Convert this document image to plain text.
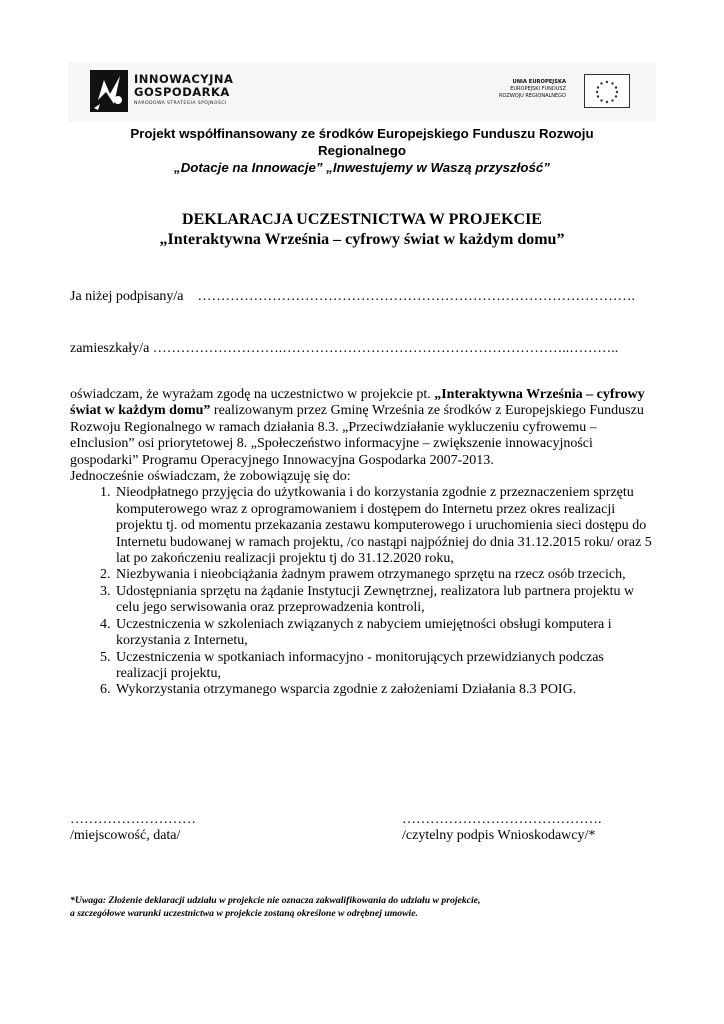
INNOWACYJNA
GOSPODARKA
NARODOWA STRATEGIA SPÓJNOŚCI
UNIA EUROPEJSKA
EUROPEJSKI FUNDUSZ
ROZWOJU REGIONALNEGO
Projekt współfinansowany ze środków Europejskiego Funduszu Rozwoju
Regionalnego
„Dotacje na Innowacje” „Inwestujemy w Waszą przyszłość”
DEKLARACJA UCZESTNICTWA W PROJEKCIE
„Interaktywna Września – cyfrowy świat w każdym domu”
Ja niżej podpisany/a ………………………………………………………………………………….
zamieszkały/a ……………………….……………………………………………………..………..

oświadczam, że wyrażam zgodę na uczestnictwo w projekcie pt. „Interaktywna Września – cyfrowy świat w każdym domu” realizowanym przez Gminę Września ze środków z Europejskiego Funduszu Rozwoju Regionalnego w ramach działania 8.3. „Przeciwdziałanie wykluczeniu cyfrowemu – eInclusion” osi priorytetowej 8. „Społeczeństwo informacyjne – zwiększenie innowacyjności gospodarki” Programu Operacyjnego Innowacyjna Gospodarka 2007-2013.

Jednocześnie oświadczam, że zobowiązuję się do:

1. Nieodpłatnego przyjęcia do użytkowania i do korzystania zgodnie z przeznaczeniem sprzętu komputerowego wraz z oprogramowaniem i dostępem do Internetu przez okres realizacji projektu tj. od momentu przekazania zestawu komputerowego i uruchomienia sieci dostępu do Internetu budowanej w ramach projektu, /co nastąpi najpóźniej do dnia 31.12.2015 roku/ oraz 5 lat po zakończeniu realizacji projektu tj do 31.12.2020 roku,
2. Niezbywania i nieobciążania żadnym prawem otrzymanego sprzętu na rzecz osób trzecich,
3. Udostępniania sprzętu na żądanie Instytucji Zewnętrznej, realizatora lub partnera projektu w celu jego serwisowania oraz przeprowadzenia kontroli,
4. Uczestniczenia w szkoleniach związanych z nabyciem umiejętności obsługi komputera i korzystania z Internetu,
5. Uczestniczenia w spotkaniach informacyjno - monitorujących przewidzianych podczas realizacji projektu,
6. Wykorzystania otrzymanego wsparcia zgodnie z założeniami Działania 8.3 POIG.
………………………
/miejscowość, data/
…………………………………….
/czytelny podpis Wnioskodawcy/*
*Uwaga: Złożenie deklaracji udziału w projekcie nie oznacza zakwalifikowania do udziału w projekcie,
a szczegółowe warunki uczestnictwa w projekcie zostaną określone w odrębnej umowie.
